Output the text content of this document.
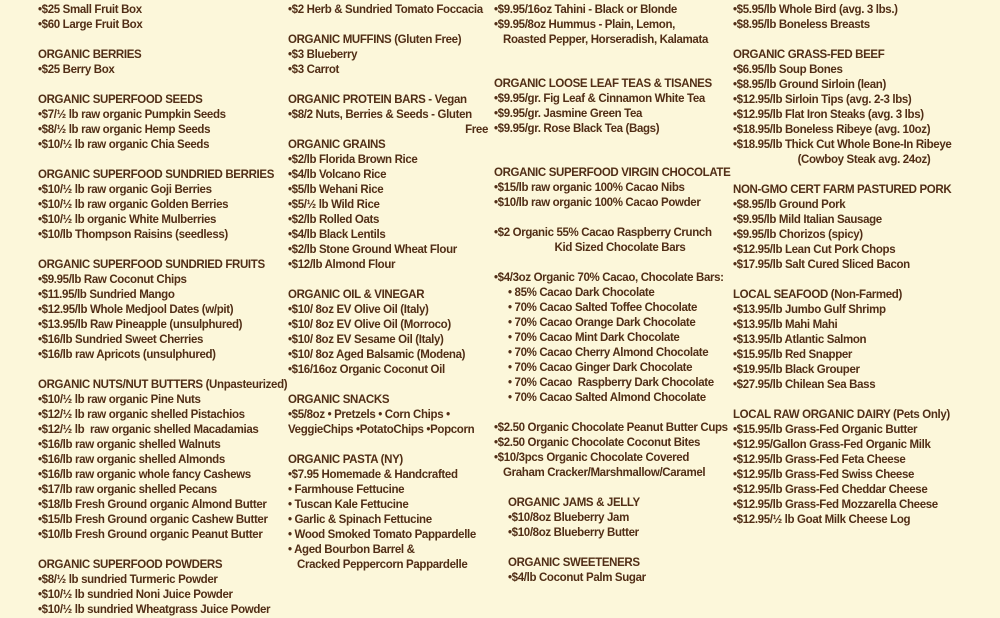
•$25 Small Fruit Box
•$60 Large Fruit Box
ORGANIC BERRIES
•$25 Berry Box
ORGANIC SUPERFOOD SEEDS
•$7/½ lb raw organic Pumpkin Seeds
•$8/½ lb raw organic Hemp Seeds
•$10/½ lb raw organic Chia Seeds
ORGANIC SUPERFOOD SUNDRIED BERRIES
•$10/½ lb raw organic Goji Berries
•$10/½ lb raw organic Golden Berries
•$10/½ lb organic White Mulberries
•$10/lb Thompson Raisins (seedless)
ORGANIC SUPERFOOD SUNDRIED FRUITS
•$9.95/lb Raw Coconut Chips
•$11.95/lb Sundried Mango
•$12.95/lb Whole Medjool Dates (w/pit)
•$13.95/lb Raw Pineapple (unsulphured)
•$16/lb Sundried Sweet Cherries
•$16/lb raw Apricots (unsulphured)
ORGANIC NUTS/NUT BUTTERS (Unpasteurized)
•$10/½ lb raw organic Pine Nuts
•$12/½ lb raw organic shelled Pistachios
•$12/½ lb  raw organic shelled Macadamias
•$16/lb raw organic shelled Walnuts
•$16/lb raw organic shelled Almonds
•$16/lb raw organic whole fancy Cashews
•$17/lb raw organic shelled Pecans
•$18/lb Fresh Ground organic Almond Butter
•$15/lb Fresh Ground organic Cashew Butter
•$10/lb Fresh Ground organic Peanut Butter
ORGANIC SUPERFOOD POWDERS
•$8/½ lb sundried Turmeric Powder
•$10/½ lb sundried Noni Juice Powder
•$10/½ lb sundried Wheatgrass Juice Powder
•$2 Herb & Sundried Tomato Foccacia
ORGANIC MUFFINS (Gluten Free)
•$3 Blueberry
•$3 Carrot
ORGANIC PROTEIN BARS - Vegan
•$8/2 Nuts, Berries & Seeds - Gluten
Free
ORGANIC GRAINS
•$2/lb Florida Brown Rice
•$4/lb Volcano Rice
•$5/lb Wehani Rice
•$5/½ lb Wild Rice
•$2/lb Rolled Oats
•$4/lb Black Lentils
•$2/lb Stone Ground Wheat Flour
•$12/lb Almond Flour
ORGANIC OIL & VINEGAR
•$10/ 8oz EV Olive Oil (Italy)
•$10/ 8oz EV Olive Oil (Morroco)
•$10/ 8oz EV Sesame Oil (Italy)
•$10/ 8oz Aged Balsamic (Modena)
•$16/16oz Organic Coconut Oil
ORGANIC SNACKS
•$5/8oz • Pretzels • Corn Chips •
VeggieChips •PotatoChips •Popcorn
ORGANIC PASTA (NY)
•$7.95 Homemade & Handcrafted
• Farmhouse Fettucine
• Tuscan Kale Fettucine
• Garlic & Spinach Fettucine
• Wood Smoked Tomato Pappardelle
• Aged Bourbon Barrel &
Cracked Peppercorn Pappardelle
•$9.95/16oz Tahini - Black or Blonde
•$9.95/8oz Hummus - Plain, Lemon,
Roasted Pepper, Horseradish, Kalamata
ORGANIC LOOSE LEAF TEAS & TISANES
•$9.95/gr. Fig Leaf & Cinnamon White Tea
•$9.95/gr. Jasmine Green Tea
•$9.95/gr. Rose Black Tea (Bags)
ORGANIC SUPERFOOD VIRGIN CHOCOLATE
•$15/lb raw organic 100% Cacao Nibs
•$10/lb raw organic 100% Cacao Powder
•$2 Organic 55% Cacao Raspberry Crunch
Kid Sized Chocolate Bars
•$4/3oz Organic 70% Cacao, Chocolate Bars:
• 85% Cacao Dark Chocolate
• 70% Cacao Salted Toffee Chocolate
• 70% Cacao Orange Dark Chocolate
• 70% Cacao Mint Dark Chocolate
• 70% Cacao Cherry Almond Chocolate
• 70% Cacao Ginger Dark Chocolate
• 70% Cacao  Raspberry Dark Chocolate
• 70% Cacao Salted Almond Chocolate
•$2.50 Organic Chocolate Peanut Butter Cups
•$2.50 Organic Chocolate Coconut Bites
•$10/3pcs Organic Chocolate Covered
Graham Cracker/Marshmallow/Caramel
ORGANIC JAMS & JELLY
•$10/8oz Blueberry Jam
•$10/8oz Blueberry Butter
ORGANIC SWEETENERS
•$4/lb Coconut Palm Sugar
•$5.95/lb Whole Bird (avg. 3 lbs.)
•$8.95/lb Boneless Breasts
ORGANIC GRASS-FED BEEF
•$6.95/lb Soup Bones
•$8.95/lb Ground Sirloin (lean)
•$12.95/lb Sirloin Tips (avg. 2-3 lbs)
•$12.95/lb Flat Iron Steaks (avg. 3 lbs)
•$18.95/lb Boneless Ribeye (avg. 10oz)
•$18.95/lb Thick Cut Whole Bone-In Ribeye
(Cowboy Steak avg. 24oz)
NON-GMO CERT FARM PASTURED PORK
•$8.95/lb Ground Pork
•$9.95/lb Mild Italian Sausage
•$9.95/lb Chorizos (spicy)
•$12.95/lb Lean Cut Pork Chops
•$17.95/lb Salt Cured Sliced Bacon
LOCAL SEAFOOD (Non-Farmed)
•$13.95/lb Jumbo Gulf Shrimp
•$13.95/lb Mahi Mahi
•$13.95/lb Atlantic Salmon
•$15.95/lb Red Snapper
•$19.95/lb Black Grouper
•$27.95/lb Chilean Sea Bass
LOCAL RAW ORGANIC DAIRY (Pets Only)
•$15.95/lb Grass-Fed Organic Butter
•$12.95/Gallon Grass-Fed Organic Milk
•$12.95/lb Grass-Fed Feta Cheese
•$12.95/lb Grass-Fed Swiss Cheese
•$12.95/lb Grass-Fed Cheddar Cheese
•$12.95/lb Grass-Fed Mozzarella Cheese
•$12.95/½ lb Goat Milk Cheese Log
